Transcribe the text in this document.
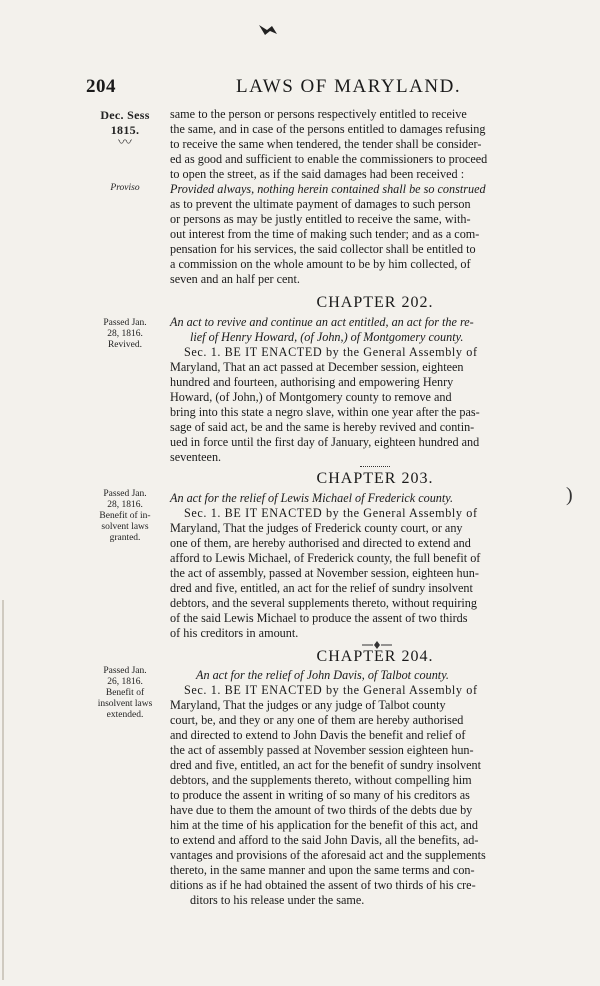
204	LAWS OF MARYLAND.
Dec. Sess
1815.
〰
Proviso
Passed Jan.
28, 1816.
Revived.
Passed Jan.
28, 1816.
Benefit of in-
solvent laws
granted.
Passed Jan.
26, 1816.
Benefit of
insolvent laws
extended.
same to the person or persons respectively entitled to receive
the same, and in case of the persons entitled to damages refusing
to receive the same when tendered, the tender shall be consider-
ed as good and sufficient to enable the commissioners to proceed
to open the street, as if the said damages had been received :
Provided always, nothing herein contained shall be so construed
as to prevent the ultimate payment of damages to such person
or persons as may be justly entitled to receive the same, with-
out interest from the time of making such tender; and as a com-
pensation for his services, the said collector shall be entitled to
a commission on the whole amount to be by him collected, of
seven and an half per cent.
CHAPTER 202.
An act to revive and continue an act entitled, an act for the re-
lief of Henry Howard, (of John,) of Montgomery county.
Sec. 1. BE IT ENACTED by the General Assembly of
Maryland, That an act passed at December session, eighteen
hundred and fourteen, authorising and empowering Henry
Howard, (of John,) of Montgomery county to remove and
bring into this state a negro slave, within one year after the pas-
sage of said act, be and the same is hereby revived and contin-
ued in force until the first day of January, eighteen hundred and
seventeen.
CHAPTER 203.
)
An act for the relief of Lewis Michael of Frederick county.
Sec. 1. BE IT ENACTED by the General Assembly of
Maryland, That the judges of Frederick county court, or any
one of them, are hereby authorised and directed to extend and
afford to Lewis Michael, of Frederick county, the full benefit of
the act of assembly, passed at November session, eighteen hun-
dred and five, entitled, an act for the relief of sundry insolvent
debtors, and the several supplements thereto, without requiring
of the said Lewis Michael to produce the assent of two thirds
of his creditors in amount.
CHAPTER 204.
An act for the relief of John Davis, of Talbot county.
Sec. 1. BE IT ENACTED by the General Assembly of
Maryland, That the judges or any judge of Talbot county
court, be, and they or any one of them are hereby authorised
and directed to extend to John Davis the benefit and relief of
the act of assembly passed at November session eighteen hun-
dred and five, entitled, an act for the benefit of sundry insolvent
debtors, and the supplements thereto, without compelling him
to produce the assent in writing of so many of his creditors as
have due to them the amount of two thirds of the debts due by
him at the time of his application for the benefit of this act, and
to extend and afford to the said John Davis, all the benefits, ad-
vantages and provisions of the aforesaid act and the supplements
thereto, in the same manner and upon the same terms and con-
ditions as if he had obtained the assent of two thirds of his cre-
ditors to his release under the same.
